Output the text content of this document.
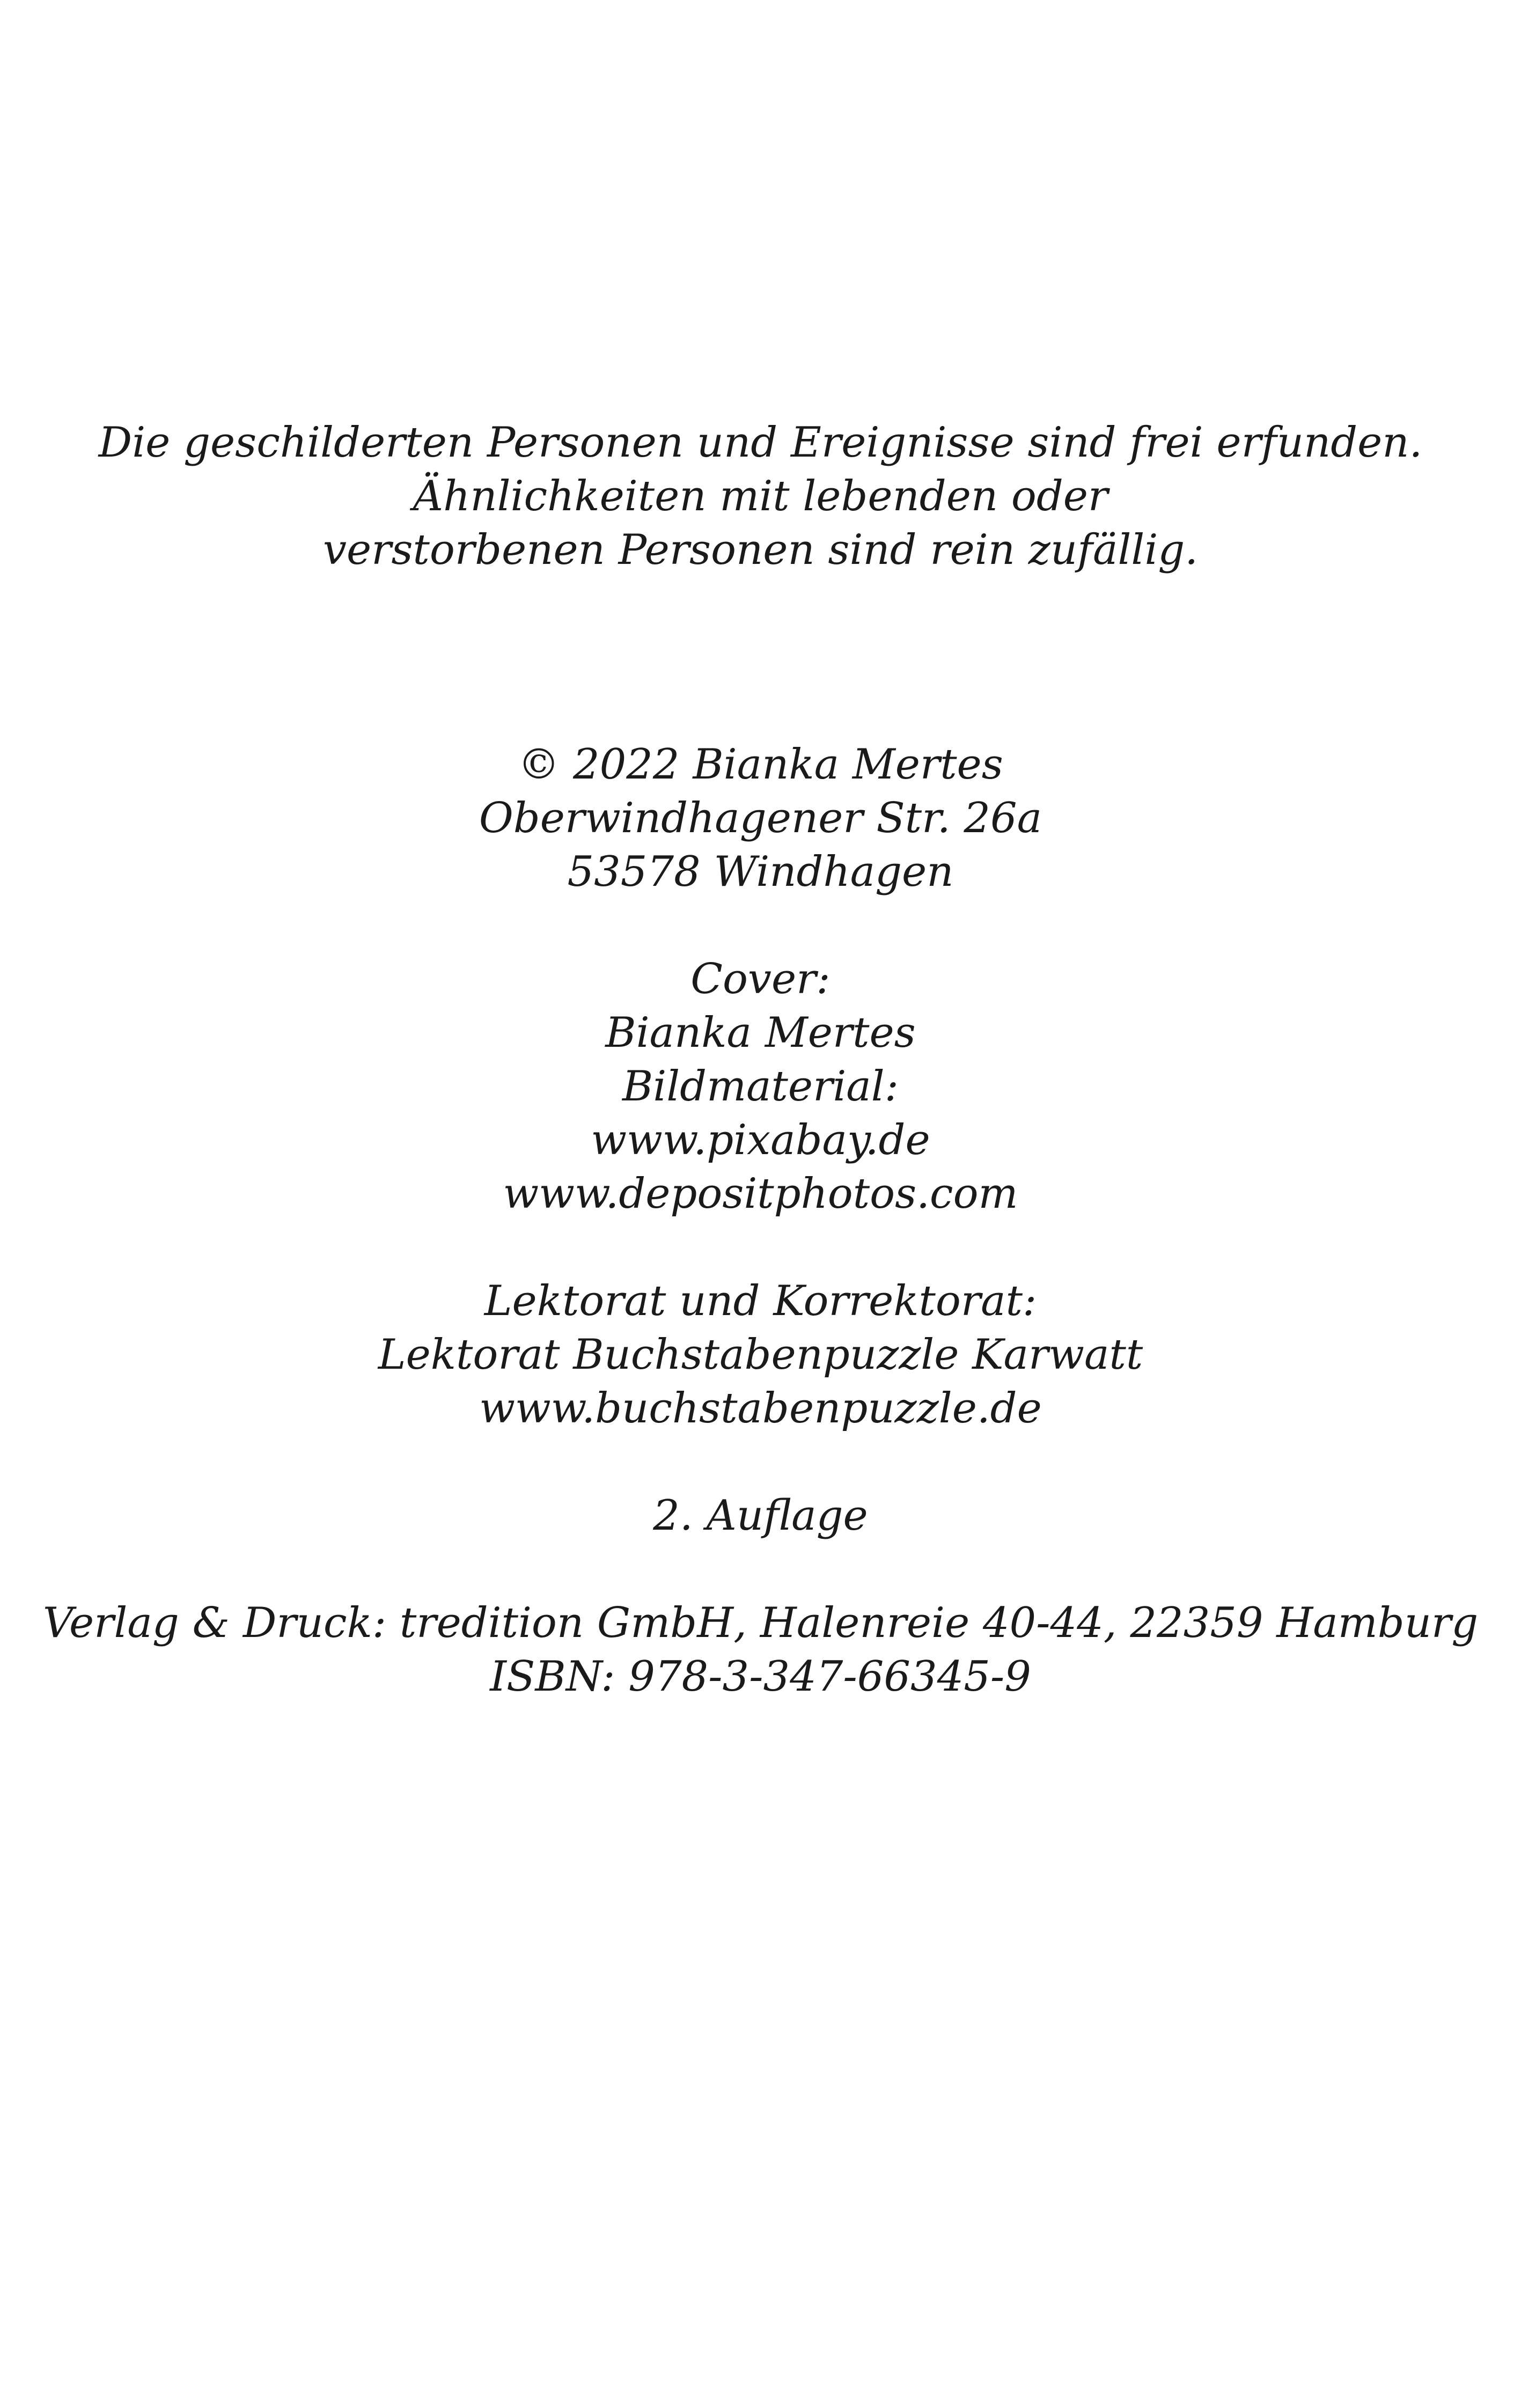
Die geschilderten Personen und Ereignisse sind frei erfunden.
Ähnlichkeiten mit lebenden oder
verstorbenen Personen sind rein zufällig.
© 2022 Bianka Mertes
Oberwindhagener Str. 26a
53578 Windhagen
Cover:
Bianka Mertes
Bildmaterial:
www.pixabay.de
www.depositphotos.com
Lektorat und Korrektorat:
Lektorat Buchstabenpuzzle Karwatt
www.buchstabenpuzzle.de
2. Auflage
Verlag & Druck: tredition GmbH, Halenreie 40-44, 22359 Hamburg
ISBN: 978-3-347-66345-9
